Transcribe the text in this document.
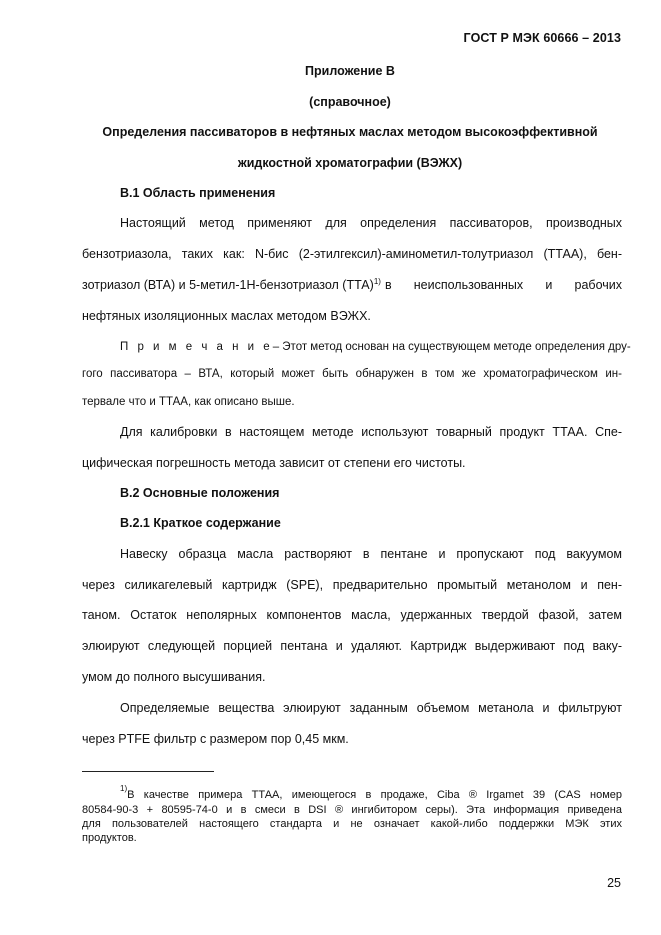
ГОСТ Р МЭК 60666 – 2013
Приложение В
(справочное)
Определения пассиваторов в нефтяных маслах методом высокоэффективной
жидкостной хроматографии (ВЭЖХ)
В.1 Область применения
Настоящий метод применяют для определения пассиваторов, производных
бензотриазола, таких как: N-бис (2-этилгексил)-аминометил-толутриазол (ТТАА), бен-
зотриазол (ВТА) и 5-метил-1Н-бензотриазол (ТТА)$^{1)}$ в неиспользованных и рабочих
нефтяных изоляционных маслах методом ВЭЖХ.
П р и м е ч а н и е – Этот метод основан на существующем методе определения дру-
гого пассиватора – ВТА, который может быть обнаружен в том же хроматографическом ин-
тервале что и ТТАА, как описано выше.
Для калибровки в настоящем методе используют товарный продукт ТТАА. Спе-
цифическая погрешность метода зависит от степени его чистоты.
В.2 Основные положения
В.2.1 Краткое содержание
Навеску образца масла растворяют в пентане и пропускают под вакуумом
через силикагелевый картридж (SPE), предварительно промытый метанолом и пен-
таном. Остаток неполярных компонентов масла, удержанных твердой фазой, затем
элюируют следующей порцией пентана и удаляют. Картридж выдерживают под ваку-
умом до полного высушивания.
Определяемые вещества элюируют заданным объемом метанола и фильтруют
через PTFE фильтр с размером пор 0,45 мкм.
1)
В качестве примера ТТАА, имеющегося в продаже, Ciba ® Irgamet 39 (CAS номер
80584-90-3 + 80595-74-0 и в смеси в DSI ® ингибитором серы). Эта информация приведена
для пользователей настоящего стандарта и не означает какой-либо поддержки МЭК этих
продуктов.
25
